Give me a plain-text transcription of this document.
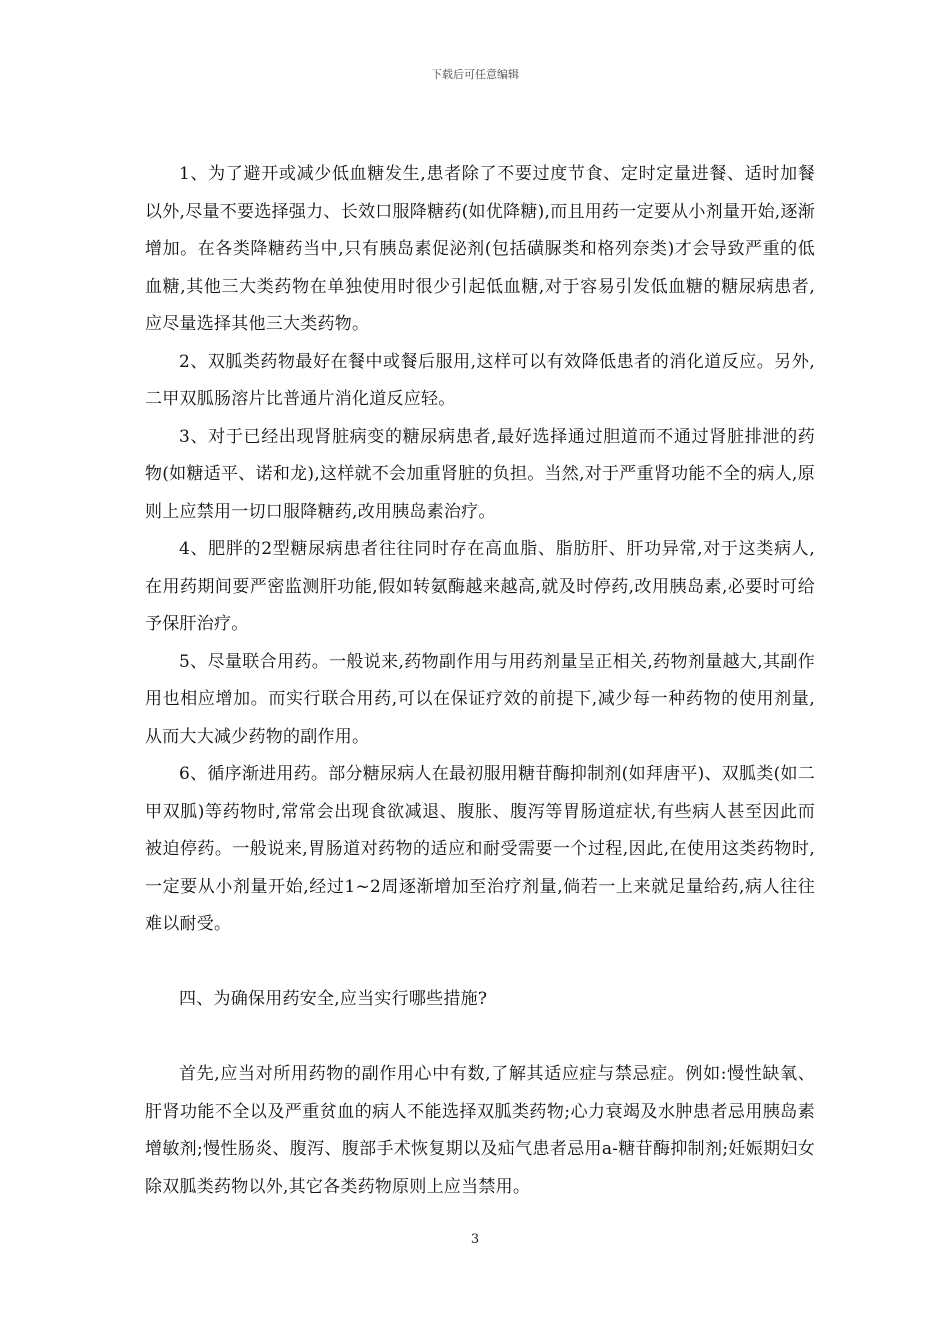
下载后可任意编辑

1、为了避开或减少低血糖发生,患者除了不要过度节食、定时定量进餐、适时加餐以外,尽量不要选择强力、长效口服降糖药(如优降糖),而且用药一定要从小剂量开始,逐渐增加。在各类降糖药当中,只有胰岛素促泌剂(包括磺脲类和格列奈类)才会导致严重的低血糖,其他三大类药物在单独使用时很少引起低血糖,对于容易引发低血糖的糖尿病患者,应尽量选择其他三大类药物。

2、双胍类药物最好在餐中或餐后服用,这样可以有效降低患者的消化道反应。另外,二甲双胍肠溶片比普通片消化道反应轻。

3、对于已经出现肾脏病变的糖尿病患者,最好选择通过胆道而不通过肾脏排泄的药物(如糖适平、诺和龙),这样就不会加重肾脏的负担。当然,对于严重肾功能不全的病人,原则上应禁用一切口服降糖药,改用胰岛素治疗。

4、肥胖的2型糖尿病患者往往同时存在高血脂、脂肪肝、肝功异常,对于这类病人,在用药期间要严密监测肝功能,假如转氨酶越来越高,就及时停药,改用胰岛素,必要时可给予保肝治疗。

5、尽量联合用药。一般说来,药物副作用与用药剂量呈正相关,药物剂量越大,其副作用也相应增加。而实行联合用药,可以在保证疗效的前提下,减少每一种药物的使用剂量,从而大大减少药物的副作用。

6、循序渐进用药。部分糖尿病人在最初服用糖苷酶抑制剂(如拜唐平)、双胍类(如二甲双胍)等药物时,常常会出现食欲减退、腹胀、腹泻等胃肠道症状,有些病人甚至因此而被迫停药。一般说来,胃肠道对药物的适应和耐受需要一个过程,因此,在使用这类药物时,一定要从小剂量开始,经过1~2周逐渐增加至治疗剂量,倘若一上来就足量给药,病人往往难以耐受。

四、为确保用药安全,应当实行哪些措施?

首先,应当对所用药物的副作用心中有数,了解其适应症与禁忌症。例如:慢性缺氧、肝肾功能不全以及严重贫血的病人不能选择双胍类药物;心力衰竭及水肿患者忌用胰岛素增敏剂;慢性肠炎、腹泻、腹部手术恢复期以及疝气患者忌用a-糖苷酶抑制剂;妊娠期妇女除双胍类药物以外,其它各类药物原则上应当禁用。

3
